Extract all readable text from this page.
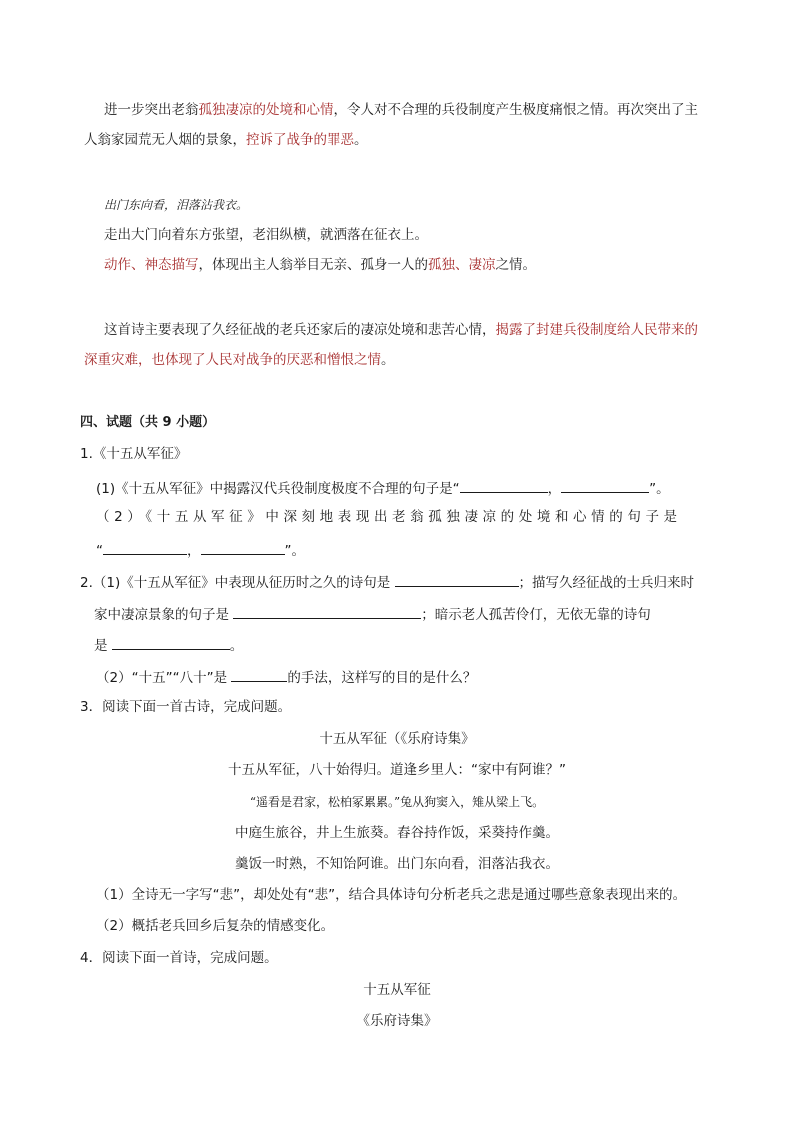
进一步突出老翁孤独凄凉的处境和心情，令人对不合理的兵役制度产生极度痛恨之情。再次突出了主
人翁家园荒无人烟的景象，控诉了战争的罪恶。
出门东向看，泪落沾我衣。
走出大门向着东方张望，老泪纵横，就洒落在征衣上。
动作、神态描写，体现出主人翁举目无亲、孤身一人的孤独、凄凉之情。
这首诗主要表现了久经征战的老兵还家后的凄凉处境和悲苦心情，揭露了封建兵役制度给人民带来的
深重灾难，也体现了人民对战争的厌恶和憎恨之情。
四、试题（共 9 小题）
1.《十五从军征》
(1)《十五从军征》中揭露汉代兵役制度极度不合理的句子是“	，	”。
（2）《十五从军征》中深刻地表现出老翁孤独凄凉的处境和心情的句子是
“	，	”。
2.（1)《十五从军征》中表现从征历时之久的诗句是	；描写久经征战的士兵归来时
家中凄凉景象的句子是	；暗示老人孤苦伶仃，无依无靠的诗句
是	。
（2）“十五”“八十”是	的手法，这样写的目的是什么？
3．阅读下面一首古诗，完成问题。
十五从军征（《乐府诗集》
十五从军征，八十始得归。道逢乡里人：“家中有阿谁？”
“遥看是君家，松柏冢累累。”兔从狗窦入，雉从梁上飞。
中庭生旅谷，井上生旅葵。舂谷持作饭，采葵持作羹。
羹饭一时熟，不知饴阿谁。出门东向看，泪落沾我衣。
（1）全诗无一字写“悲”，却处处有“悲”，结合具体诗句分析老兵之悲是通过哪些意象表现出来的。
（2）概括老兵回乡后复杂的情感变化。
4．阅读下面一首诗，完成问题。
十五从军征
《乐府诗集》
